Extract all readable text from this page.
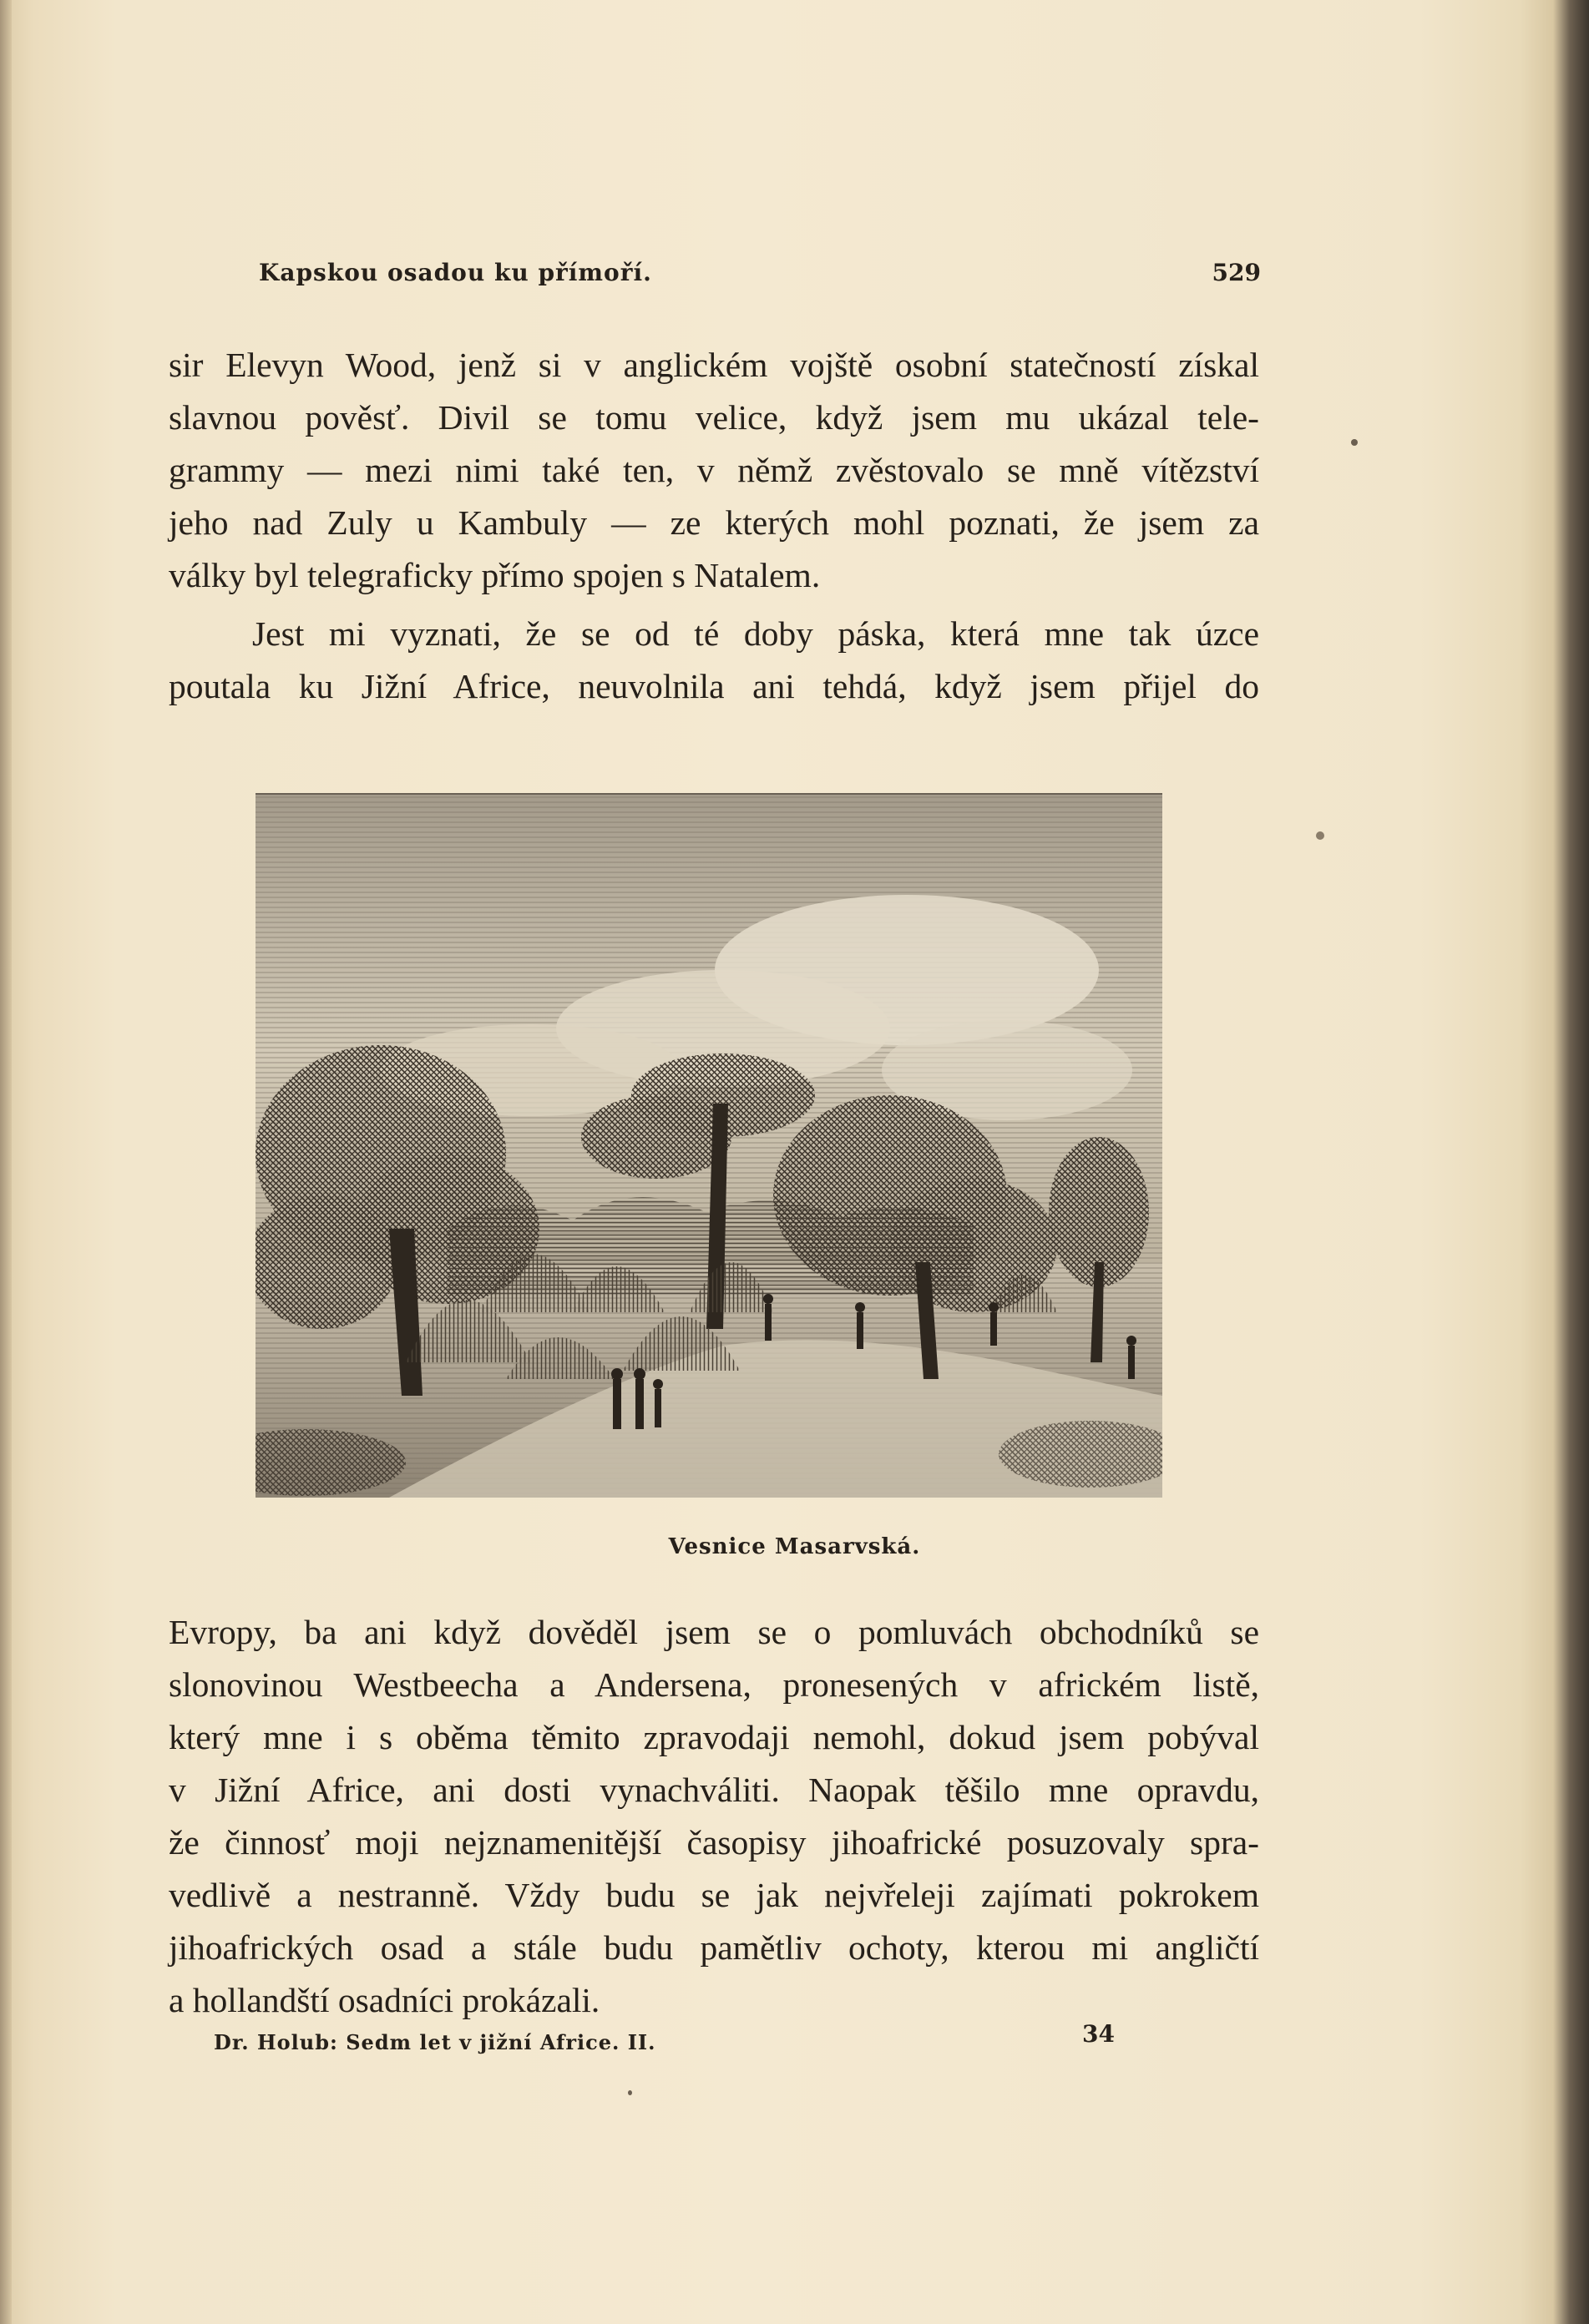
Kapskou osadou ku přímoří.	529
sir Elevyn Wood, jenž si v anglickém vojště osobní statečností získal
slavnou pověsť. Divil se tomu velice, když jsem mu ukázal tele-
grammy — mezi nimi také ten, v němž zvěstovalo se mně vítězství
jeho nad Zuly u Kambuly — ze kterých mohl poznati, že jsem za
války byl telegraficky přímo spojen s Natalem.
Jest mi vyznati, že se od té doby páska, která mne tak úzce
poutala ku Jižní Africe, neuvolnila ani tehdá, když jsem přijel do
Vesnice Masarvská.
Evropy, ba ani když dověděl jsem se o pomluvách obchodníků se
slonovinou Westbeecha a Andersena, pronesených v africkém listě,
který mne i s oběma těmito zpravodaji nemohl, dokud jsem pobýval
v Jižní Africe, ani dosti vynachváliti. Naopak těšilo mne opravdu,
že činnosť moji nejznamenitější časopisy jihoafrické posuzovaly spra-
vedlivě a nestranně. Vždy budu se jak nejvřeleji zajímati pokrokem
jihoafrických osad a stále budu pamětliv ochoty, kterou mi angličtí
a hollandští osadníci prokázali.
Dr. Holub: Sedm let v jižní Africe. II.	34
